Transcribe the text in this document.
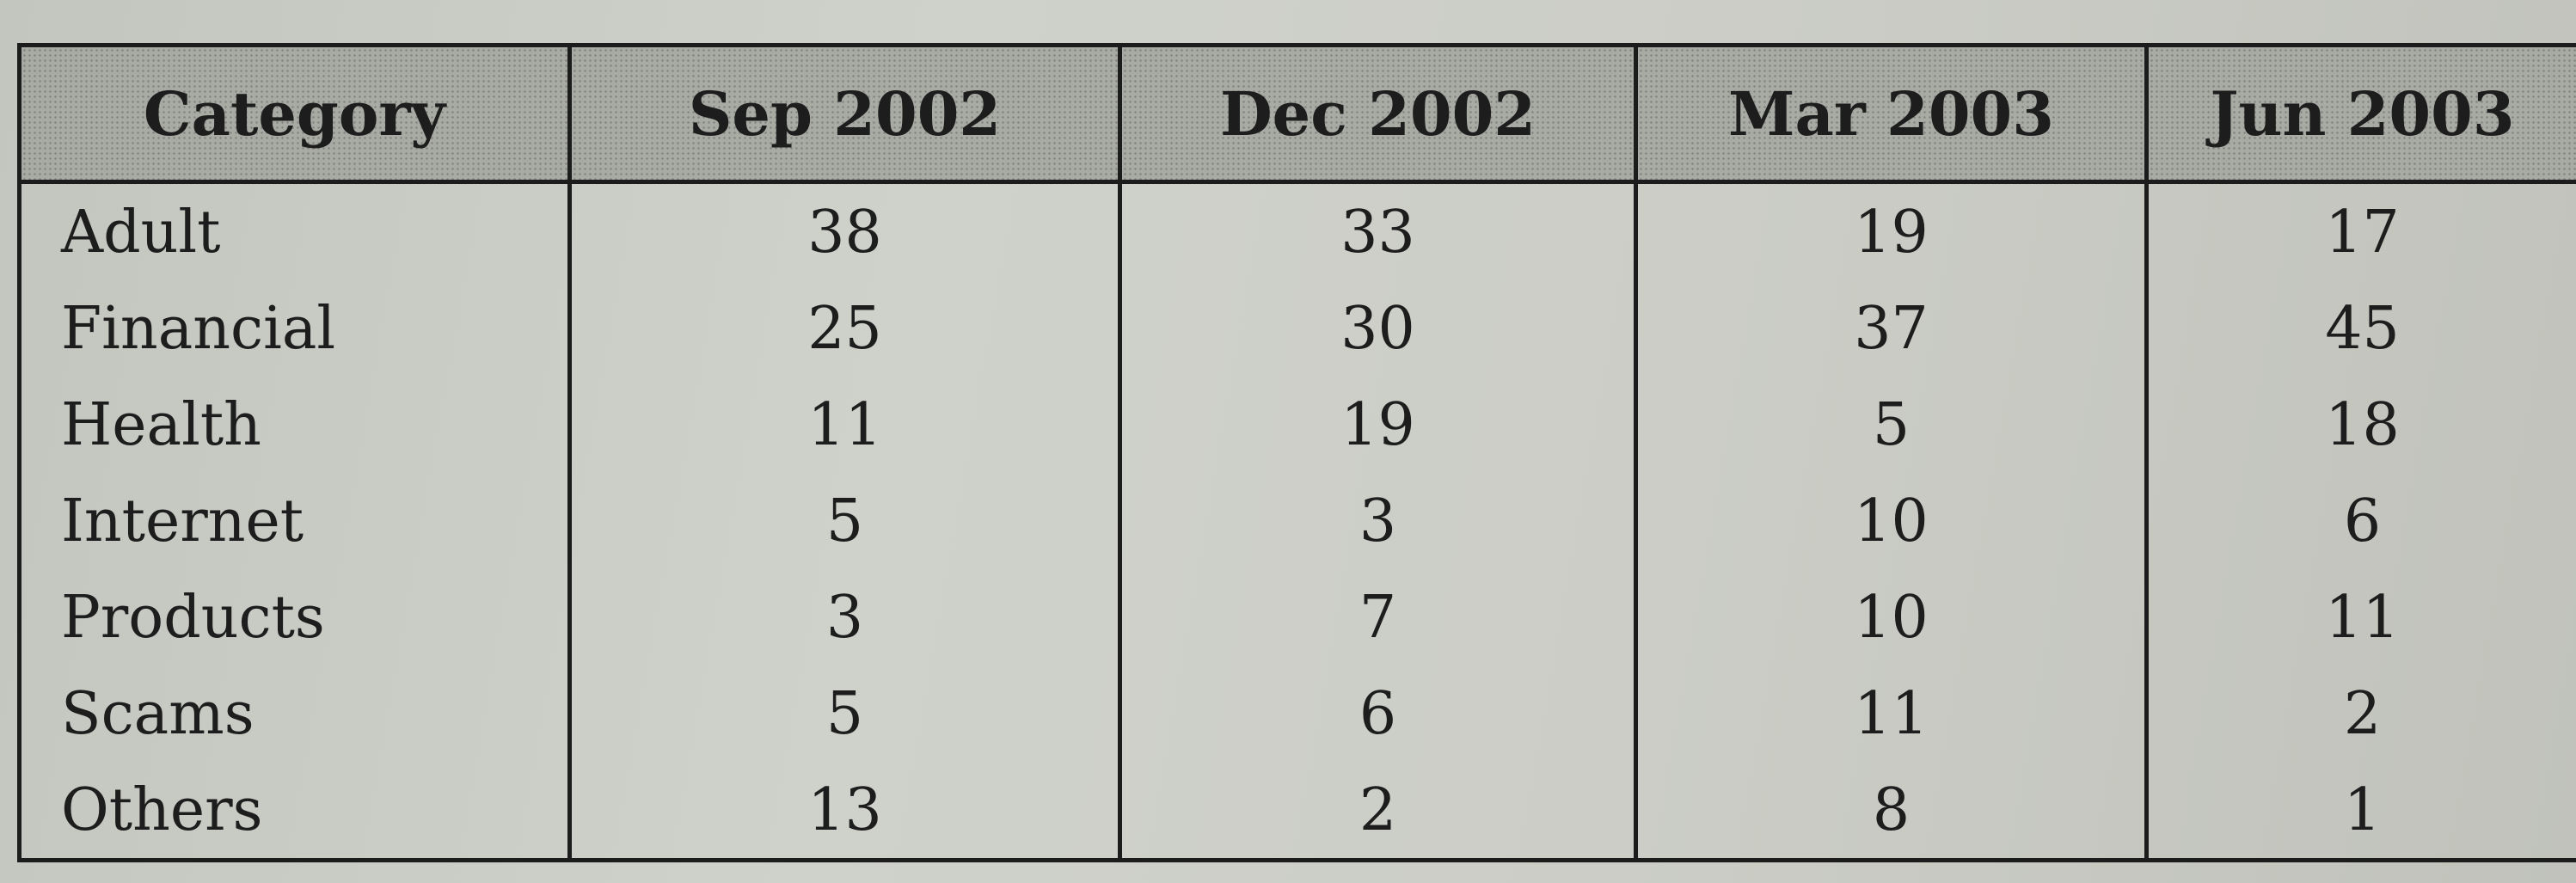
Category	Sep 2002	Dec 2002	Mar 2003	Jun 2003
Adult	38	33	19	17
Financial	25	30	37	45
Health	11	19	5	18
Internet	5	3	10	6
Products	3	7	10	11
Scams	5	6	11	2
Others	13	2	8	1
